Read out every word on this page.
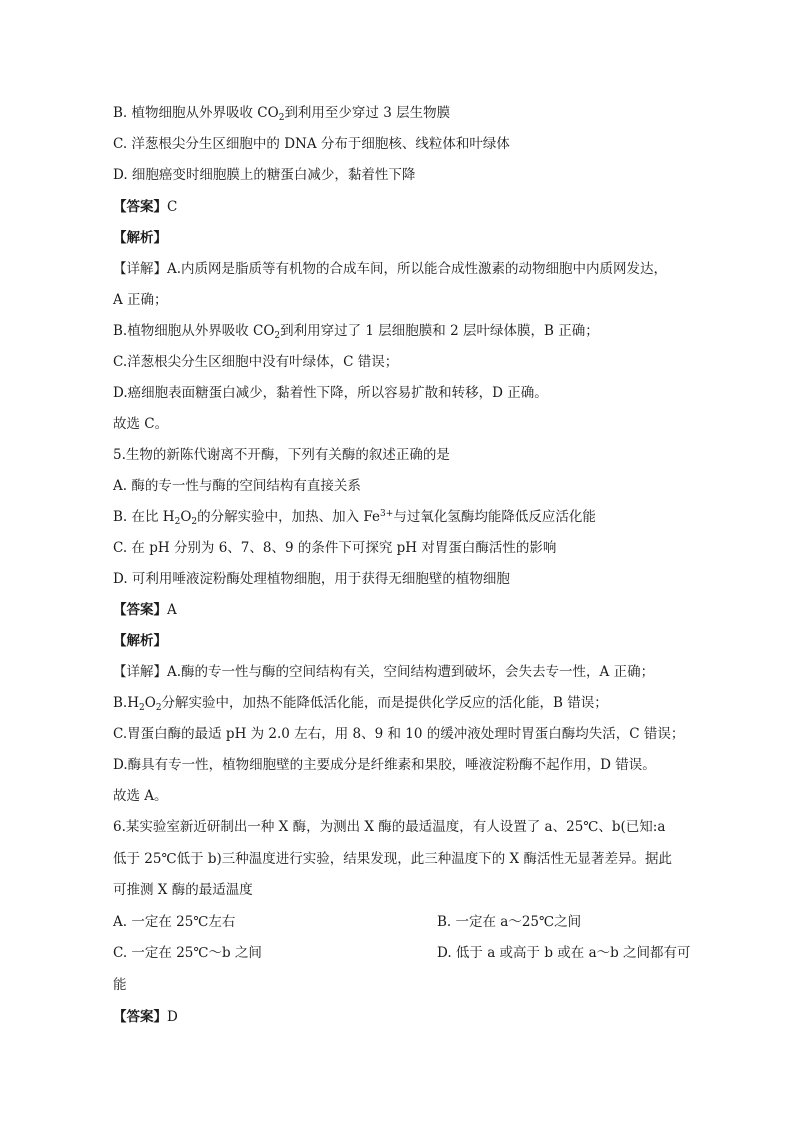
B. 植物细胞从外界吸收 $CO_2$到利用至少穿过 3 层生物膜
C. 洋葱根尖分生区细胞中的 DNA 分布于细胞核、线粒体和叶绿体
D. 细胞癌变时细胞膜上的糖蛋白减少，黏着性下降
【答案】C
【解析】
【详解】A.内质网是脂质等有机物的合成车间，所以能合成性激素的动物细胞中内质网发达，
A 正确；
B.植物细胞从外界吸收 $CO_2$到利用穿过了 1 层细胞膜和 2 层叶绿体膜，B 正确；
C.洋葱根尖分生区细胞中没有叶绿体，C 错误；
D.癌细胞表面糖蛋白减少，黏着性下降，所以容易扩散和转移，D 正确。
故选 C。
5.生物的新陈代谢离不开酶，下列有关酶的叙述正确的是
A. 酶的专一性与酶的空间结构有直接关系
B. 在比 $H_2O_2$的分解实验中，加热、加入 $Fe^{3+}$与过氧化氢酶均能降低反应活化能
C. 在 pH 分别为 6、7、8、9 的条件下可探究 pH 对胃蛋白酶活性的影响
D. 可利用唾液淀粉酶处理植物细胞，用于获得无细胞壁的植物细胞
【答案】A
【解析】
【详解】A.酶的专一性与酶的空间结构有关，空间结构遭到破坏，会失去专一性，A 正确；
$B.H_2O_2$分解实验中，加热不能降低活化能，而是提供化学反应的活化能，B 错误；
C.胃蛋白酶的最适 pH 为 2.0 左右，用 8、9 和 10 的缓冲液处理时胃蛋白酶均失活，C 错误；
D.酶具有专一性，植物细胞壁的主要成分是纤维素和果胶，唾液淀粉酶不起作用，D 错误。
故选 A。
6.某实验室新近研制出一种 X 酶，为测出 X 酶的最适温度，有人设置了 a、25℃、b(已知:a
低于 25℃低于 b)三种温度进行实验，结果发现，此三种温度下的 X 酶活性无显著差异。据此
可推测 X 酶的最适温度
A. 一定在 25℃左右	B. 一定在 a～25℃之间
C. 一定在 25℃～b 之间	D. 低于 a 或高于 b 或在 a～b 之间都有可
能
【答案】D
